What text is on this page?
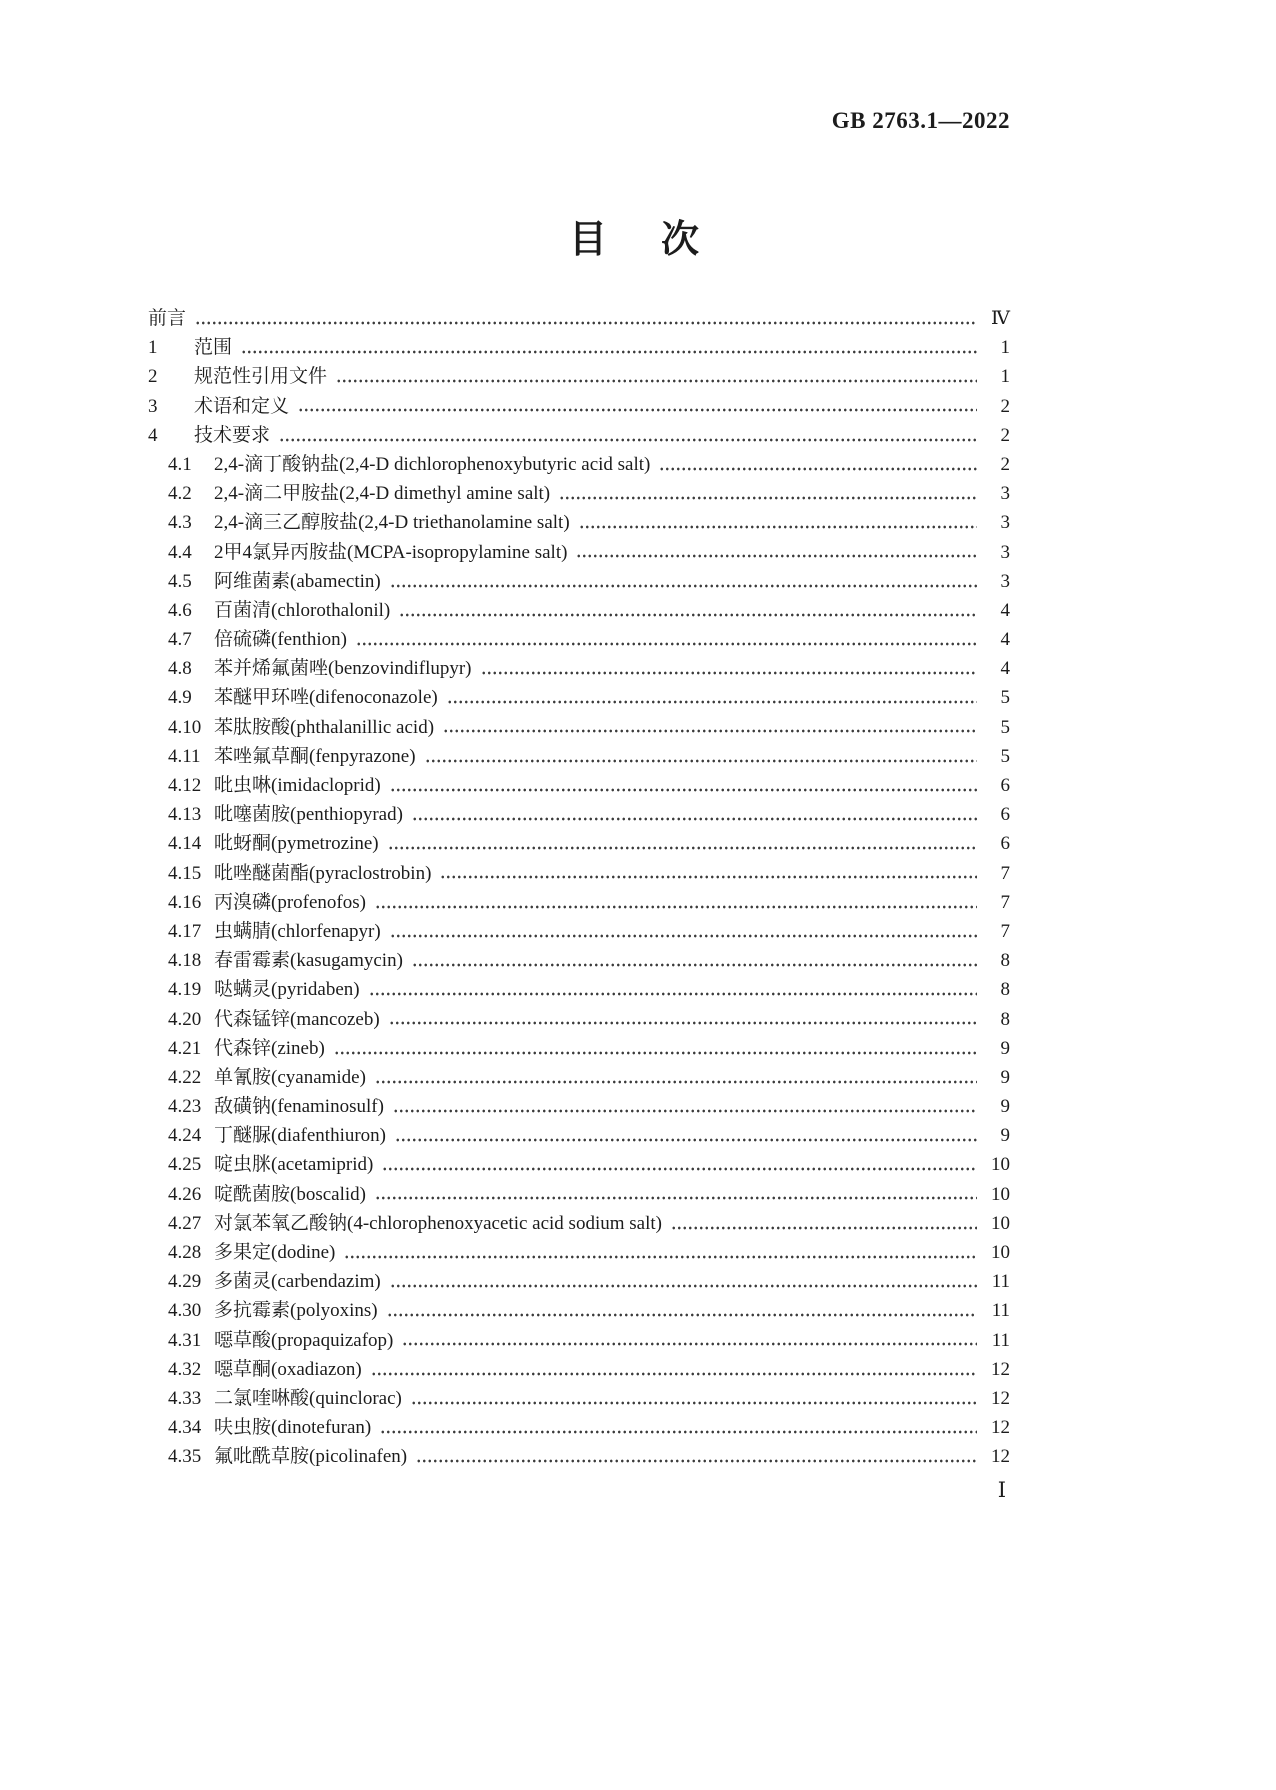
GB 2763.1—2022
目　次
前言	Ⅳ
1	范围	1
2	规范性引用文件	1
3	术语和定义	2
4	技术要求	2
4.1	2,4-滴丁酸钠盐(2,4-D dichlorophenoxybutyric acid salt)	2
4.2	2,4-滴二甲胺盐(2,4-D dimethyl amine salt)	3
4.3	2,4-滴三乙醇胺盐(2,4-D triethanolamine salt)	3
4.4	2甲4氯异丙胺盐(MCPA-isopropylamine salt)	3
4.5	阿维菌素(abamectin)	3
4.6	百菌清(chlorothalonil)	4
4.7	倍硫磷(fenthion)	4
4.8	苯并烯氟菌唑(benzovindiflupyr)	4
4.9	苯醚甲环唑(difenoconazole)	5
4.10 苯肽胺酸(phthalanillic acid)	5
4.11 苯唑氟草酮(fenpyrazone)	5
4.12 吡虫啉(imidacloprid)	6
4.13 吡噻菌胺(penthiopyrad)	6
4.14 吡蚜酮(pymetrozine)	6
4.15 吡唑醚菌酯(pyraclostrobin)	7
4.16 丙溴磷(profenofos)	7
4.17 虫螨腈(chlorfenapyr)	7
4.18 春雷霉素(kasugamycin)	8
4.19 哒螨灵(pyridaben)	8
4.20 代森锰锌(mancozeb)	8
4.21 代森锌(zineb)	9
4.22 单氰胺(cyanamide)	9
4.23 敌磺钠(fenaminosulf)	9
4.24 丁醚脲(diafenthiuron)	9
4.25 啶虫脒(acetamiprid)	10
4.26 啶酰菌胺(boscalid)	10
4.27 对氯苯氧乙酸钠(4-chlorophenoxyacetic acid sodium salt)	10
4.28 多果定(dodine)	10
4.29 多菌灵(carbendazim)	11
4.30 多抗霉素(polyoxins)	11
4.31 噁草酸(propaquizafop)	11
4.32 噁草酮(oxadiazon)	12
4.33 二氯喹啉酸(quinclorac)	12
4.34 呋虫胺(dinotefuran)	12
4.35 氟吡酰草胺(picolinafen)	12
Ⅰ
